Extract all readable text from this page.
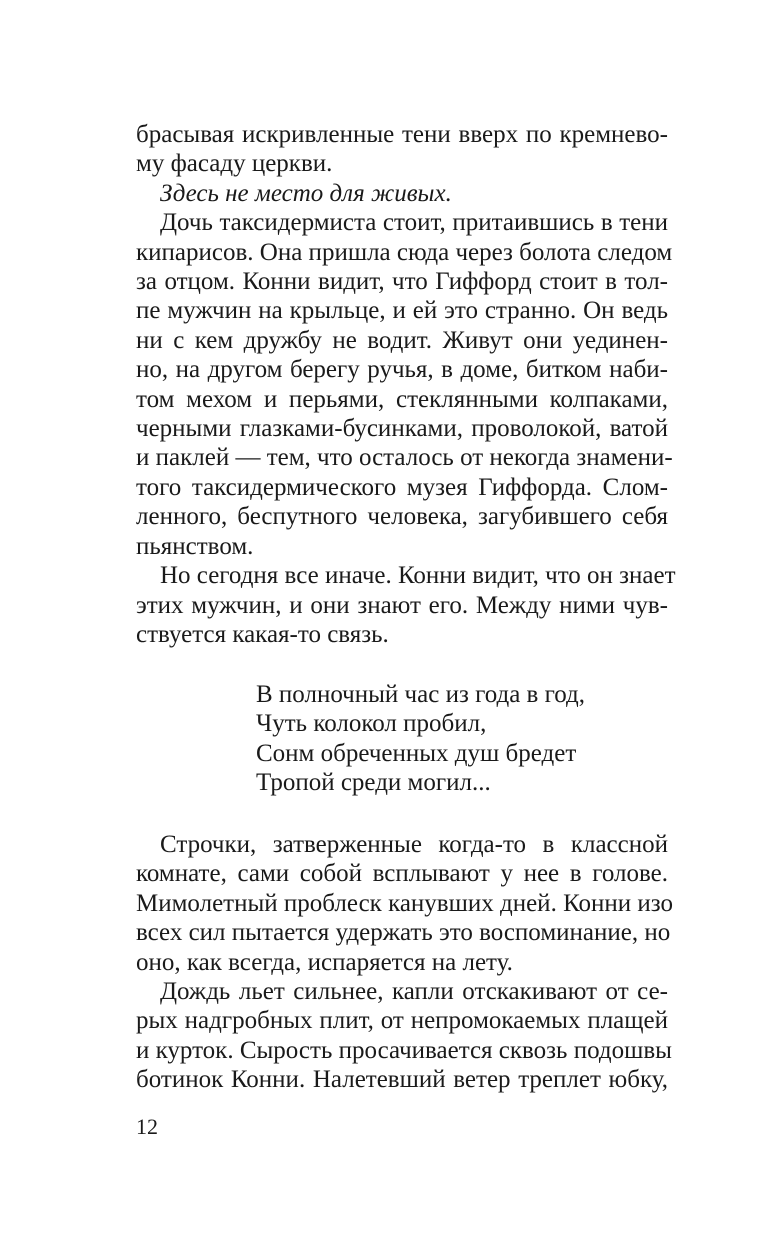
брасывая искривленные тени вверх по кремнево-
му фасаду церкви.
Здесь не место для живых.
Дочь таксидермиста стоит, притаившись в тени
кипарисов. Она пришла сюда через болота следом
за отцом. Конни видит, что Гиффорд стоит в тол-
пе мужчин на крыльце, и ей это странно. Он ведь
ни с кем дружбу не водит. Живут они уединен-
но, на другом берегу ручья, в доме, битком наби-
том мехом и перьями, стеклянными колпаками,
черными глазками-бусинками, проволокой, ватой
и паклей — тем, что осталось от некогда знамени-
того таксидермического музея Гиффорда. Слом-
ленного, беспутного человека, загубившего себя
пьянством.
Но сегодня все иначе. Конни видит, что он знает
этих мужчин, и они знают его. Между ними чув-
ствуется какая-то связь.
В полночный час из года в год,
Чуть колокол пробил,
Сонм обреченных душ бредет
Тропой среди могил...
Строчки, затверженные когда-то в классной
комнате, сами собой всплывают у нее в голове.
Мимолетный проблеск канувших дней. Конни изо
всех сил пытается удержать это воспоминание, но
оно, как всегда, испаряется на лету.
Дождь льет сильнее, капли отскакивают от се-
рых надгробных плит, от непромокаемых плащей
и курток. Сырость просачивается сквозь подошвы
ботинок Конни. Налетевший ветер треплет юбку,
12
